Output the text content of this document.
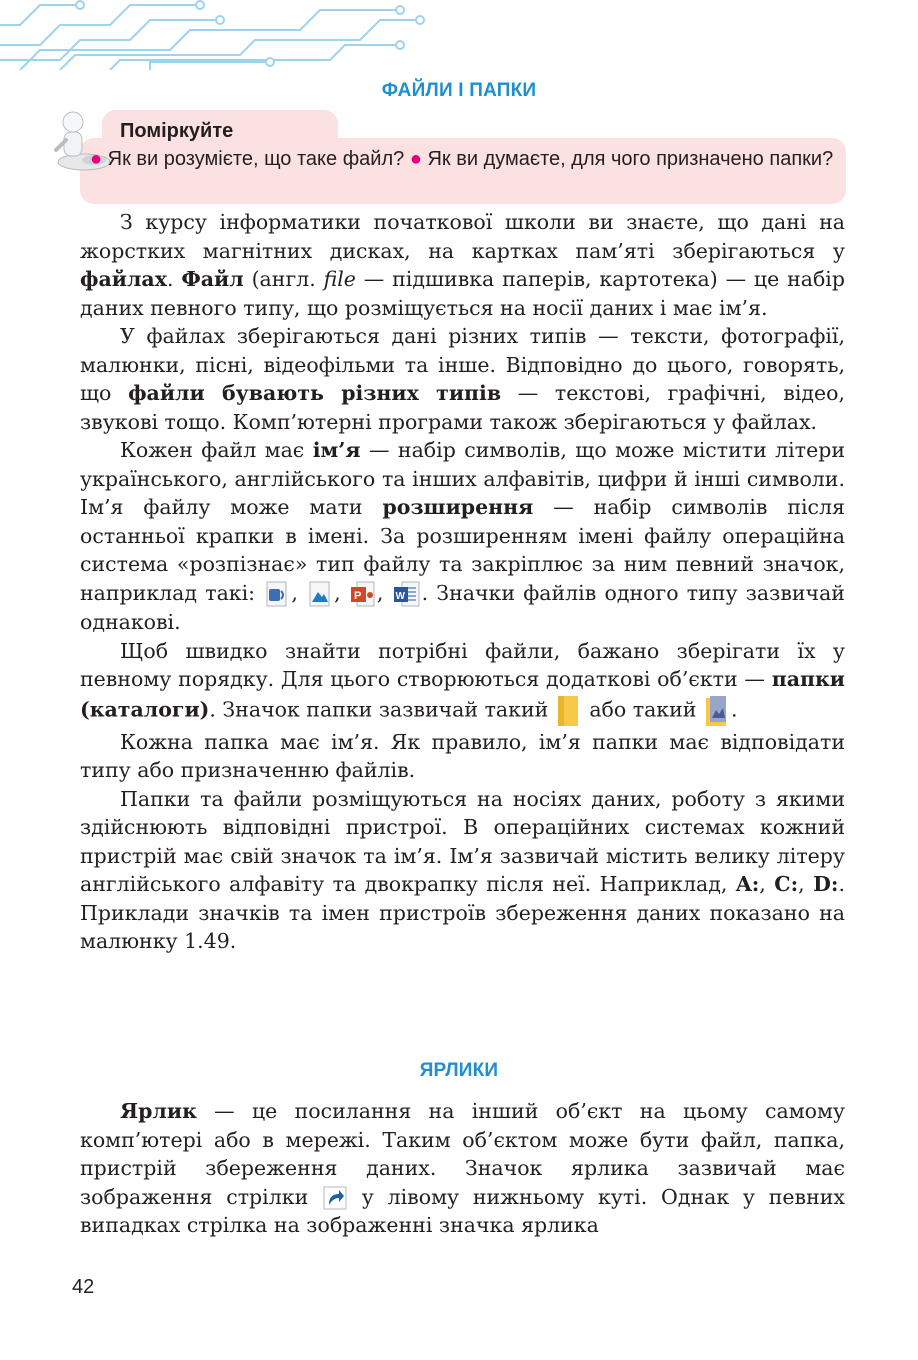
ФАЙЛИ І ПАПКИ
Поміркуйте
● Як ви розумієте, що таке файл? ● Як ви думаєте, для чого призначено папки?

З курсу інформатики початкової школи ви знаєте, що дані на жорстких магнітних дисках, на картках пам’яті зберігаються у файлах. Файл (англ. file — підшивка паперів, картотека) — це набір даних певного типу, що розміщується на носії даних і має ім’я.

У файлах зберігаються дані різних типів — тексти, фотографії, малюнки, пісні, відеофільми та інше. Відповідно до цього, говорять, що файли бувають різних типів — текстові, графічні, відео, звукові тощо. Комп’ютерні програми також зберігаються у файлах.

Кожен файл має ім’я — набір символів, що може містити літери українського, англійського та інших алфавітів, цифри й інші символи. Ім’я файлу може мати розширення — набір символів після останньої крапки в імені. За розширенням імені файлу операційна система «розпізнає» тип файлу та закріплює за ним певний значок, наприклад такі: , , P , W . Значки файлів одного типу зазвичай однакові.

Щоб швидко знайти потрібні файли, бажано зберігати їх у певному порядку. Для цього створюються додаткові об’єкти — папки (каталоги). Значок папки зазвичай такий  або такий .

Кожна папка має ім’я. Як правило, ім’я папки має відповідати типу або призначенню файлів.

Папки та файли розміщуються на носіях даних, роботу з якими здійснюють відповідні пристрої. В операційних системах кожний пристрій має свій значок та ім’я. Ім’я зазвичай містить велику літеру англійського алфавіту та двокрапку після неї. Наприклад, A:, C:, D:. Приклади значків та імен пристроїв збереження даних показано на малюнку 1.49.

ЯРЛИКИ

Ярлик — це посилання на інший об’єкт на цьому самому комп’ютері або в мережі. Таким об’єктом може бути файл, папка, пристрій збереження даних. Значок ярлика зазвичай має зображення стрілки  у лівому нижньому куті. Однак у певних випадках стрілка на зображенні значка ярлика

42
